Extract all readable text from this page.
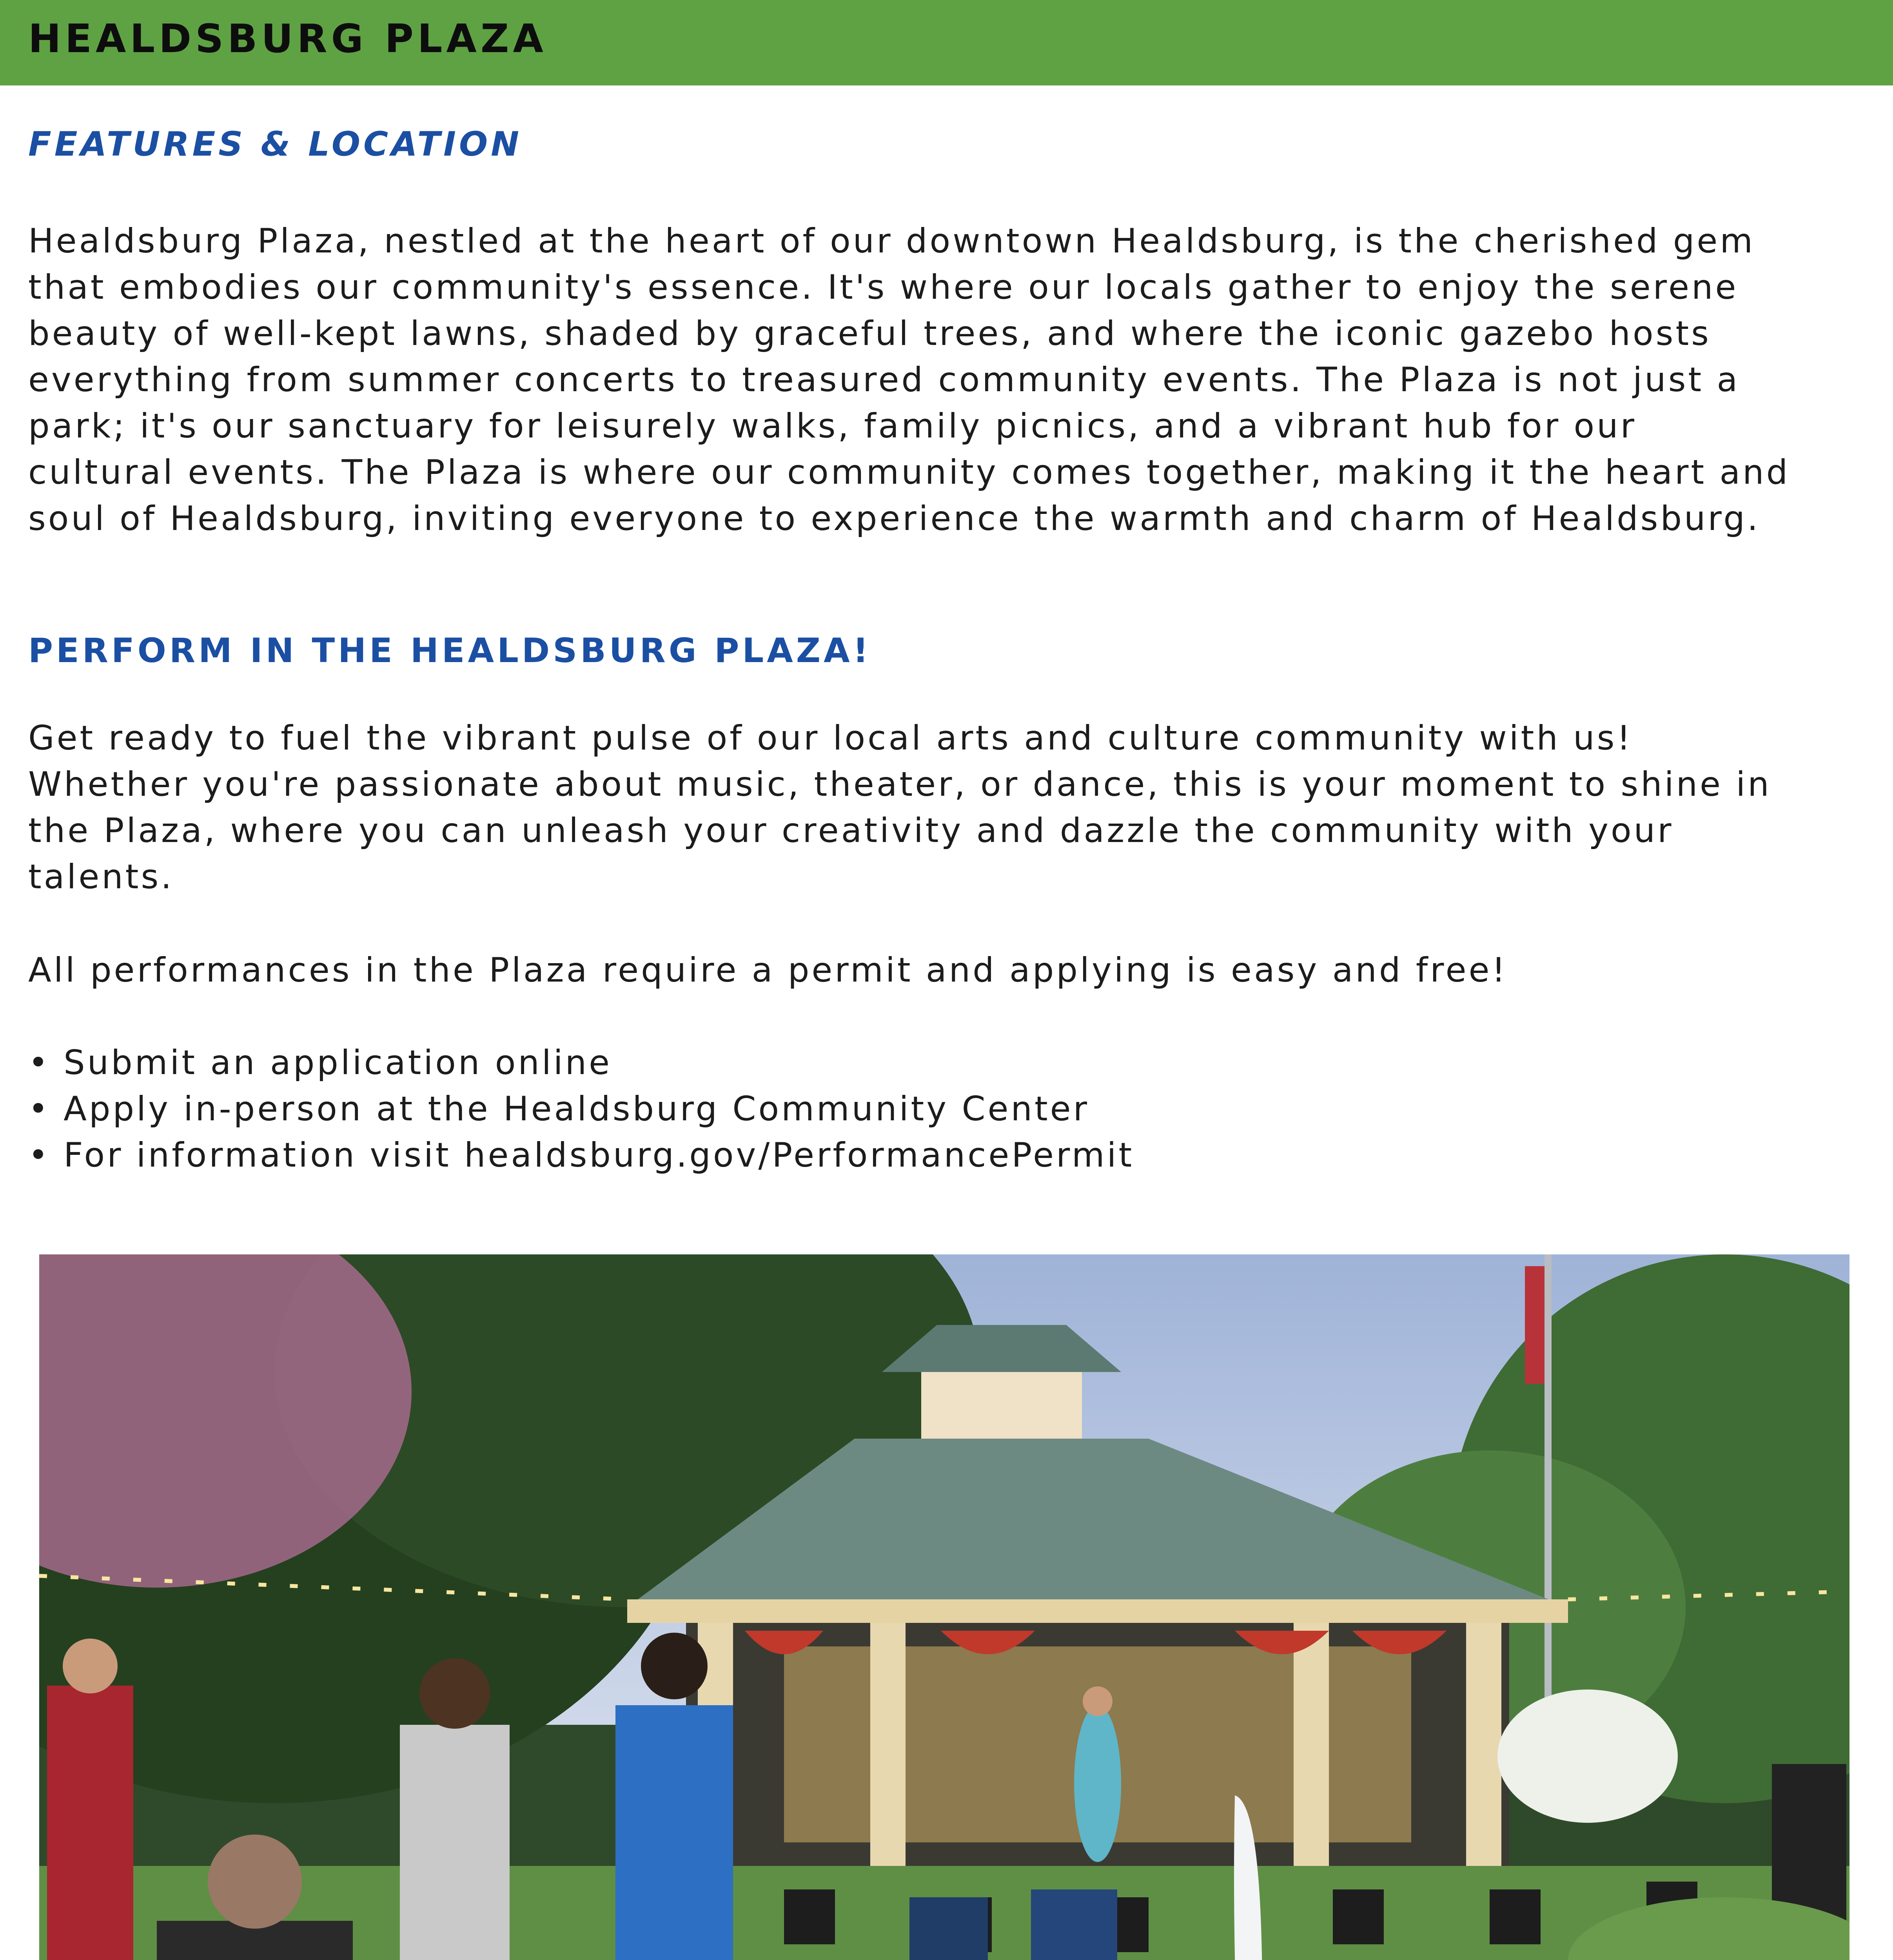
HEALDSBURG PLAZA
FEATURES & LOCATION
Healdsburg Plaza, nestled at the heart of our downtown Healdsburg, is the cherished gem
that embodies our community's essence. It's where our locals gather to enjoy the serene
beauty of well-kept lawns, shaded by graceful trees, and where the iconic gazebo hosts
everything from summer concerts to treasured community events. The Plaza is not just a
park; it's our sanctuary for leisurely walks, family picnics, and a vibrant hub for our
cultural events. The Plaza is where our community comes together, making it the heart and
soul of Healdsburg, inviting everyone to experience the warmth and charm of Healdsburg.
PERFORM IN THE HEALDSBURG PLAZA!
Get ready to fuel the vibrant pulse of our local arts and culture community with us!
Whether you're passionate about music, theater, or dance, this is your moment to shine in
the Plaza, where you can unleash your creativity and dazzle the community with your
talents.
All performances in the Plaza require a permit and applying is easy and free!
• Submit an application online
• Apply in-person at the Healdsburg Community Center
• For information visit healdsburg.gov/PerformancePermit
